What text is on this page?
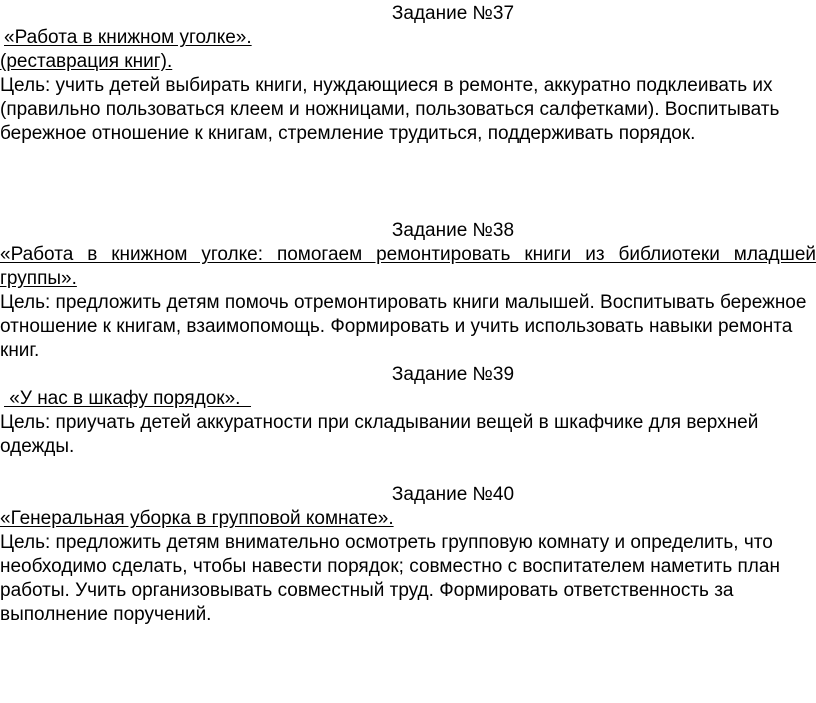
Задание №37
«Работа в книжном уголке».
(реставрация книг).
Цель: учить детей выбирать книги, нуждающиеся в ремонте, аккуратно подклеивать их
(правильно пользоваться клеем и ножницами, пользоваться салфетками). Воспитывать
бережное отношение к книгам, стремление трудиться, поддерживать порядок.
Задание №38
«Работа в книжном уголке: помогаем ремонтировать книги из библиотеки младшей
группы».
Цель: предложить детям помочь отремонтировать книги малышей. Воспитывать бережное
отношение к книгам, взаимопомощь. Формировать и учить использовать навыки ремонта
книг.
Задание №39
«У нас в шкафу порядок».
Цель: приучать детей аккуратности при складывании вещей в шкафчике для верхней
одежды.
Задание №40
«Генеральная уборка в групповой комнате».
Цель: предложить детям внимательно осмотреть групповую комнату и определить, что
необходимо сделать, чтобы навести порядок; совместно с воспитателем наметить план
работы. Учить организовывать совместный труд. Формировать ответственность за
выполнение поручений.
